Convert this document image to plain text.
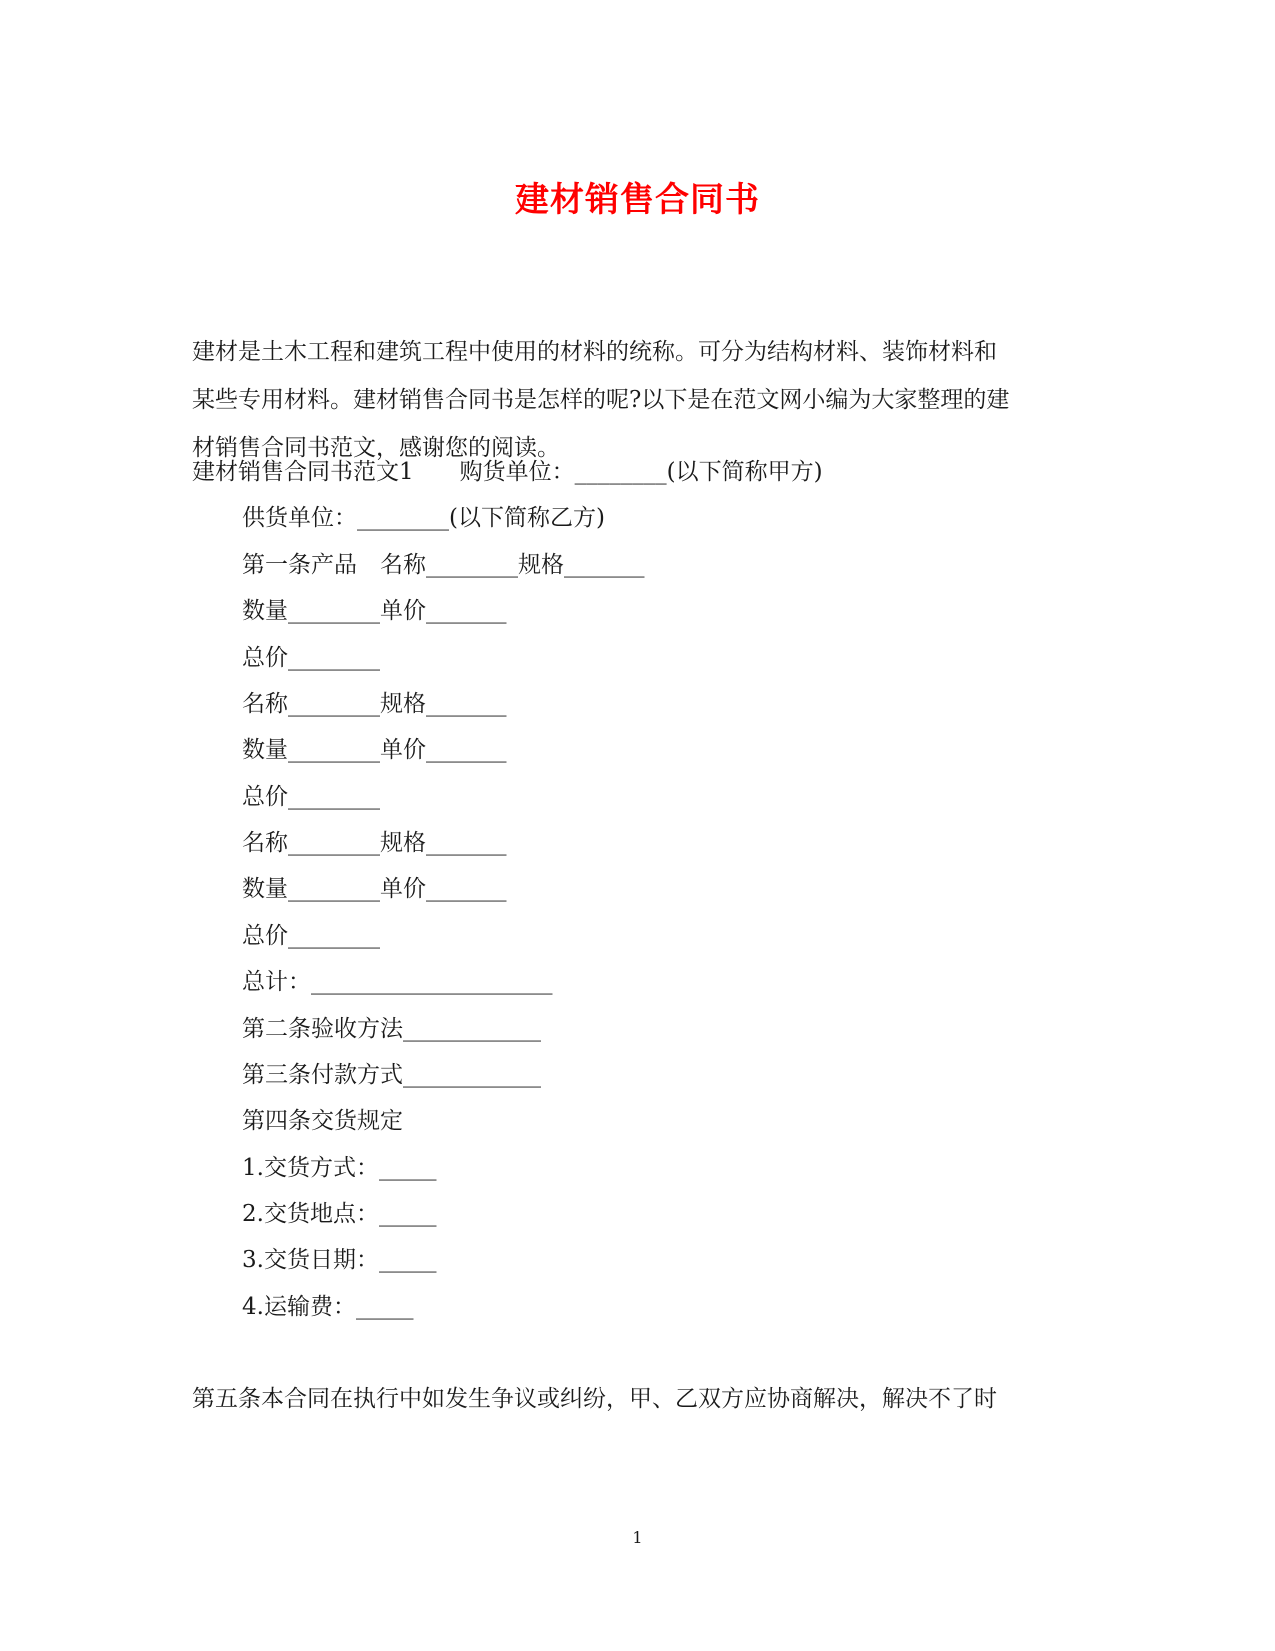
建材销售合同书

建材是土木工程和建筑工程中使用的材料的统称。可分为结构材料、装饰材料和

某些专用材料。建材销售合同书是怎样的呢?以下是在范文网小编为大家整理的建

材销售合同书范文，感谢您的阅读。

建材销售合同书范文1　　购货单位：________(以下简称甲方)
供货单位：________(以下简称乙方)
第一条产品　名称________规格_______
数量________单价_______
总价________
名称________规格_______
数量________单价_______
总价________
名称________规格_______
数量________单价_______
总价________
总计：_____________________
第二条验收方法____________
第三条付款方式____________
第四条交货规定
1.交货方式：_____
2.交货地点：_____
3.交货日期：_____
4.运输费：_____
第五条本合同在执行中如发生争议或纠纷，甲、乙双方应协商解决，解决不了时
1
